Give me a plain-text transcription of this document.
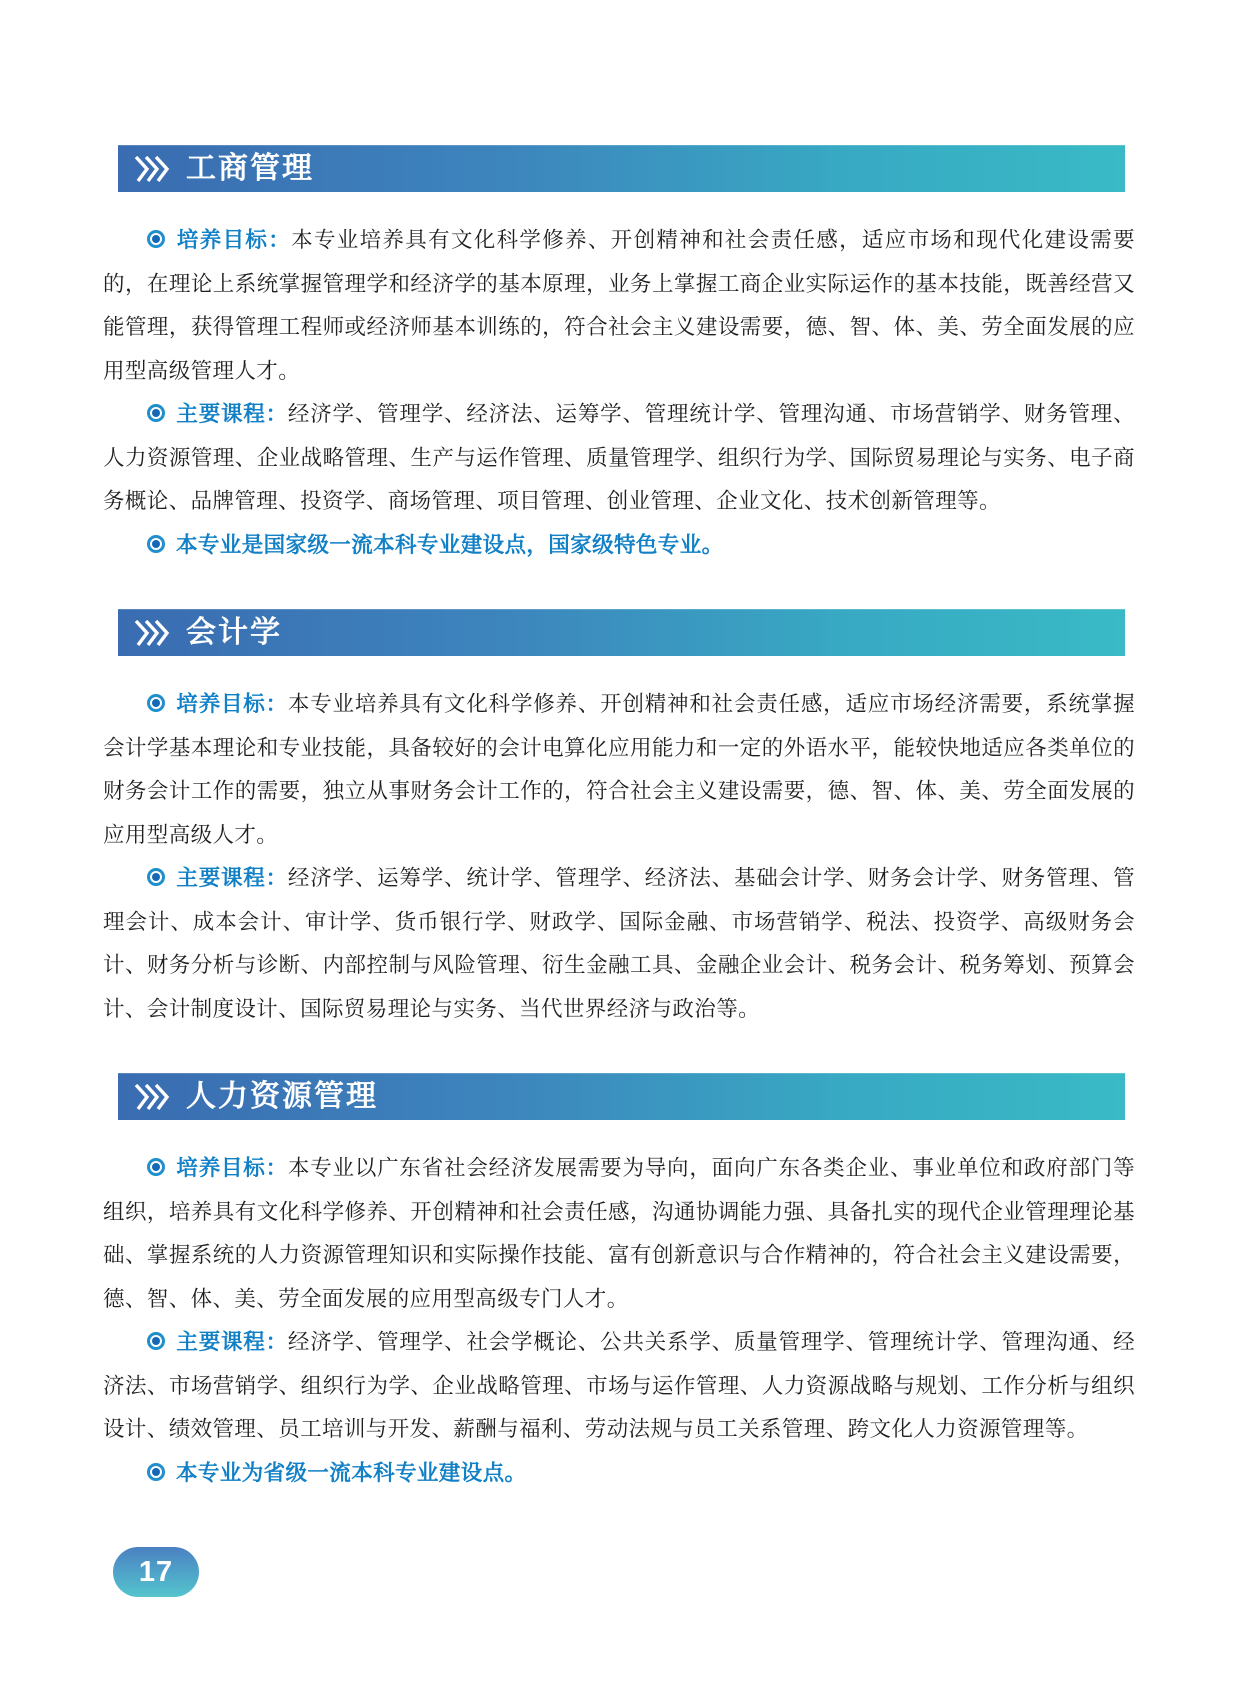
工商管理

培养目标：本专业培养具有文化科学修养、开创精神和社会责任感，适应市场和现代化建设需要的，在理论上系统掌握管理学和经济学的基本原理，业务上掌握工商企业实际运作的基本技能，既善经营又能管理，获得管理工程师或经济师基本训练的，符合社会主义建设需要，德、智、体、美、劳全面发展的应用型高级管理人才。

主要课程：经济学、管理学、经济法、运筹学、管理统计学、管理沟通、市场营销学、财务管理、人力资源管理、企业战略管理、生产与运作管理、质量管理学、组织行为学、国际贸易理论与实务、电子商务概论、品牌管理、投资学、商场管理、项目管理、创业管理、企业文化、技术创新管理等。

本专业是国家级一流本科专业建设点，国家级特色专业。

会计学

培养目标：本专业培养具有文化科学修养、开创精神和社会责任感，适应市场经济需要，系统掌握会计学基本理论和专业技能，具备较好的会计电算化应用能力和一定的外语水平，能较快地适应各类单位的财务会计工作的需要，独立从事财务会计工作的，符合社会主义建设需要，德、智、体、美、劳全面发展的应用型高级人才。

主要课程：经济学、运筹学、统计学、管理学、经济法、基础会计学、财务会计学、财务管理、管理会计、成本会计、审计学、货币银行学、财政学、国际金融、市场营销学、税法、投资学、高级财务会计、财务分析与诊断、内部控制与风险管理、衍生金融工具、金融企业会计、税务会计、税务筹划、预算会计、会计制度设计、国际贸易理论与实务、当代世界经济与政治等。

人力资源管理

培养目标：本专业以广东省社会经济发展需要为导向，面向广东各类企业、事业单位和政府部门等组织，培养具有文化科学修养、开创精神和社会责任感，沟通协调能力强、具备扎实的现代企业管理理论基础、掌握系统的人力资源管理知识和实际操作技能、富有创新意识与合作精神的，符合社会主义建设需要，德、智、体、美、劳全面发展的应用型高级专门人才。

主要课程：经济学、管理学、社会学概论、公共关系学、质量管理学、管理统计学、管理沟通、经济法、市场营销学、组织行为学、企业战略管理、市场与运作管理、人力资源战略与规划、工作分析与组织设计、绩效管理、员工培训与开发、薪酬与福利、劳动法规与员工关系管理、跨文化人力资源管理等。

本专业为省级一流本科专业建设点。

17
